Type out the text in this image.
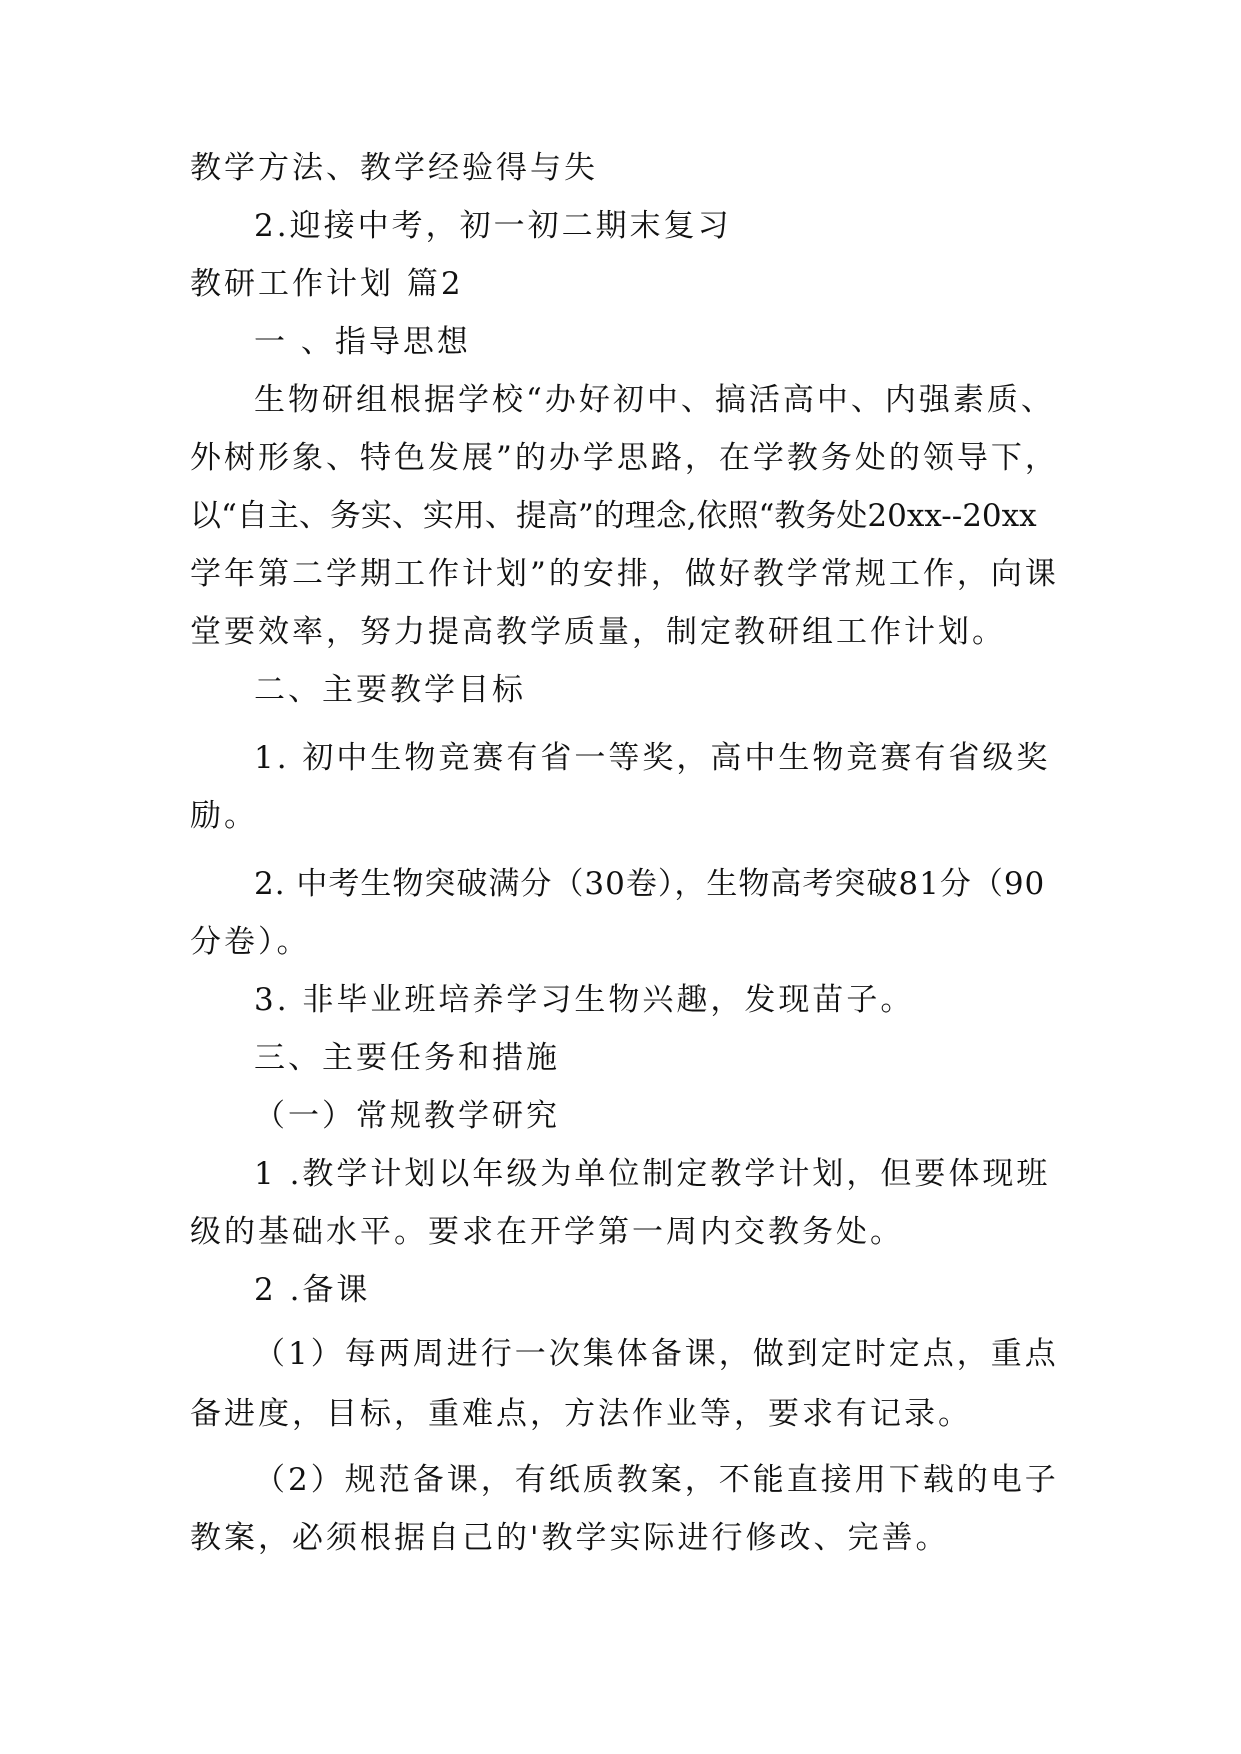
教学方法、教学经验得与失
2.迎接中考，初一初二期末复习
教研工作计划 篇2
一 、指导思想
生物研组根据学校“办好初中、搞活高中、内强素质、
外树形象、特色发展”的办学思路，在学教务处的领导下，
以“自主、务实、实用、提高”的理念,依照“教务处20xx--20xx
学年第二学期工作计划”的安排，做好教学常规工作，向课
堂要效率，努力提高教学质量，制定教研组工作计划。
二、主要教学目标
1. 初中生物竞赛有省一等奖，高中生物竞赛有省级奖
励。
2. 中考生物突破满分（30卷），生物高考突破81分（90
分卷）。
3. 非毕业班培养学习生物兴趣，发现苗子。
三、主要任务和措施
（一）常规教学研究
1 .教学计划以年级为单位制定教学计划，但要体现班
级的基础水平。要求在开学第一周内交教务处。
2 .备课
（1）每两周进行一次集体备课，做到定时定点，重点
备进度，目标，重难点，方法作业等，要求有记录。
（2）规范备课，有纸质教案，不能直接用下载的电子
教案，必须根据自己的'教学实际进行修改、完善。
